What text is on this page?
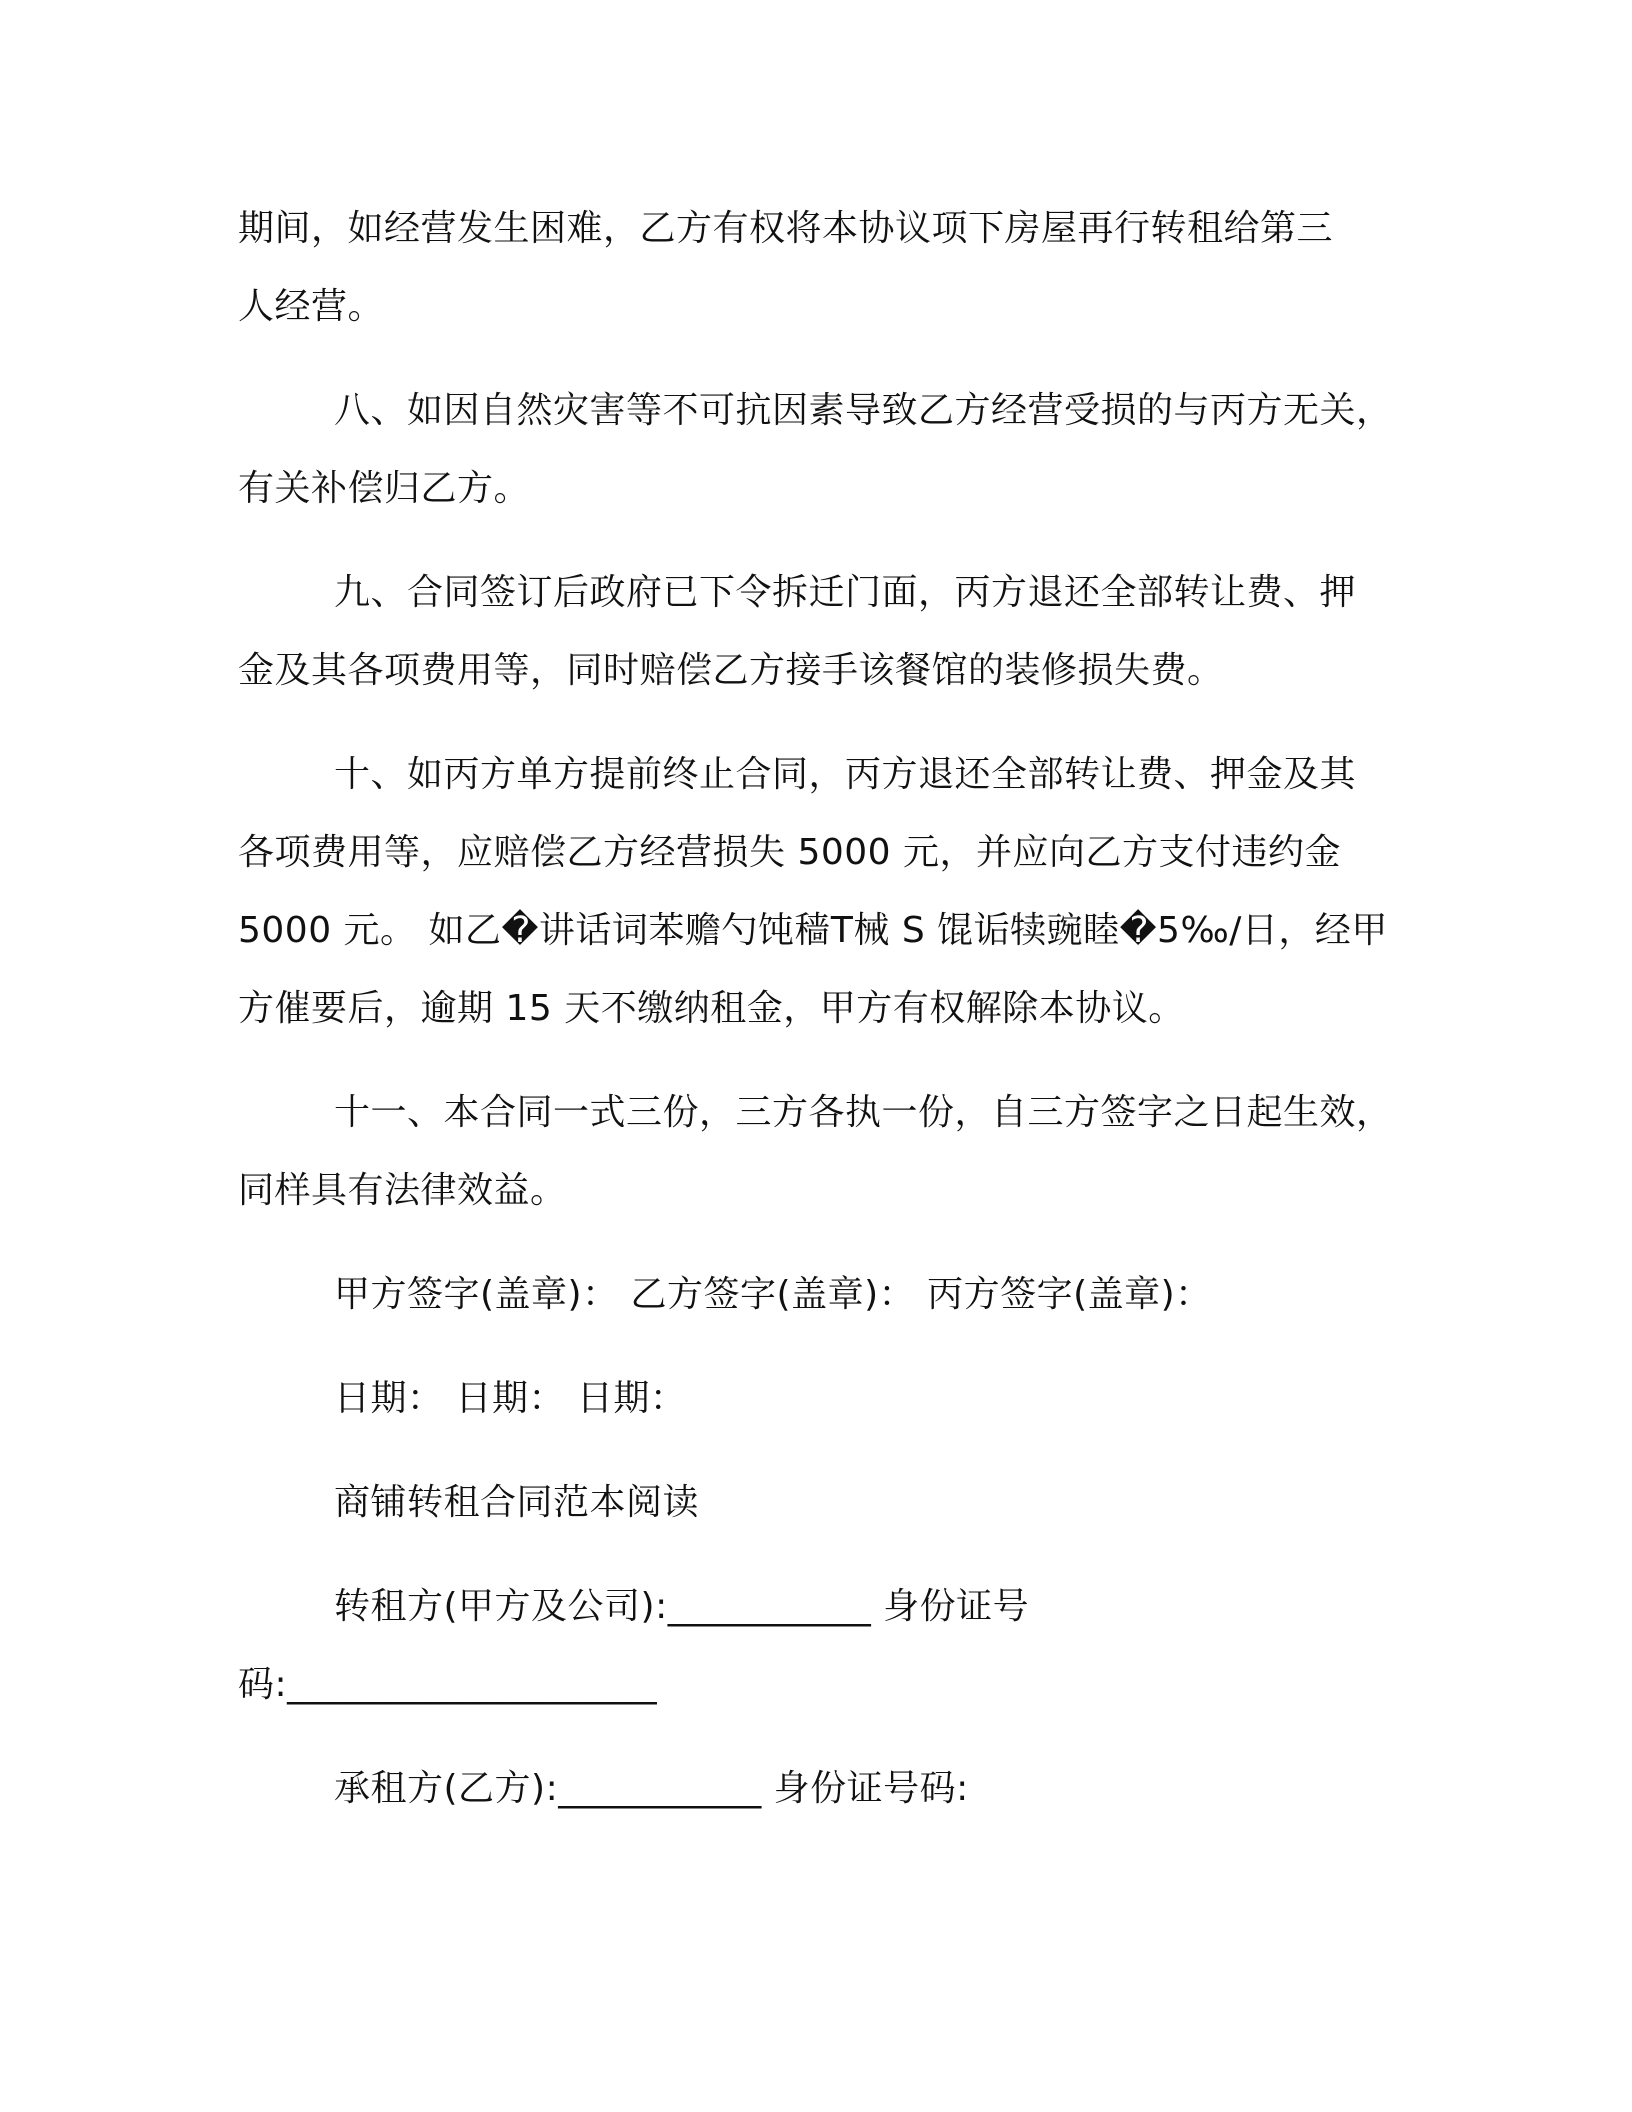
期间，如经营发生困难，乙方有权将本协议项下房屋再行转租给第三
人经营。
八、如因自然灾害等不可抗因素导致乙方经营受损的与丙方无关，
有关补偿归乙方。
九、合同签订后政府已下令拆迁门面，丙方退还全部转让费、押
金及其各项费用等，同时赔偿乙方接手该餐馆的装修损失费。
十、如丙方单方提前终止合同，丙方退还全部转让费、押金及其
各项费用等，应赔偿乙方经营损失 5000 元，并应向乙方支付违约金
5000 元。 如乙�讲话词苯赡勺饨穑T械 S 馄诟犊豌睦�5‰/日，经甲
方催要后，逾期 15 天不缴纳租金，甲方有权解除本协议。
十一、本合同一式三份，三方各执一份，自三方签字之日起生效，
同样具有法律效益。
甲方签字(盖章)： 乙方签字(盖章)： 丙方签字(盖章)：
日期： 日期： 日期：
商铺转租合同范本阅读
转租方(甲方及公司):___________ 身份证号
码:____________________
承租方(乙方):___________ 身份证号码:
